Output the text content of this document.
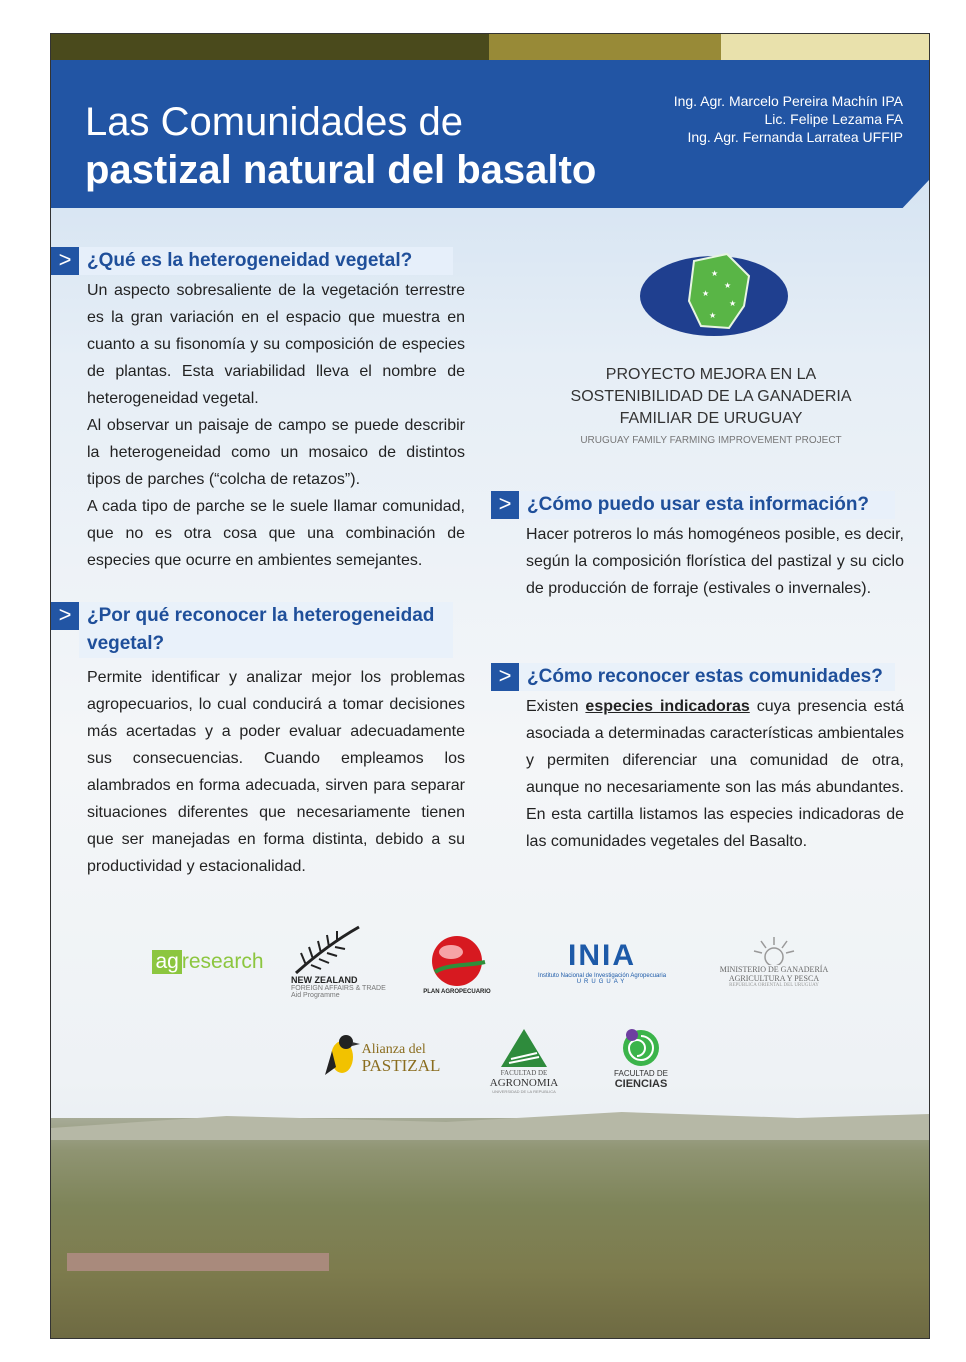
Las Comunidades de
pastizal natural del basalto
Ing. Agr. Marcelo Pereira Machín IPA
Lic. Felipe Lezama FA
Ing. Agr. Fernanda Larratea UFFIP
> ¿Qué es la heterogeneidad vegetal?

Un aspecto sobresaliente de la vegetación terrestre es la gran variación en el espacio que muestra en cuanto a su fisonomía y su composición de especies de plantas. Esta variabilidad lleva el nombre de heterogeneidad vegetal.

Al observar un paisaje de campo se puede describir la heterogeneidad como un mosaico de distintos tipos de parches (“colcha de retazos”).

A cada tipo de parche se le suele llamar comunidad, que no es otra cosa que una combinación de especies que ocurre en ambientes semejantes.

> ¿Por qué reconocer la heterogeneidad
vegetal?

Permite identificar y analizar mejor los problemas agropecuarios, lo cual conducirá a tomar decisiones más acertadas y a poder evaluar adecuadamente sus consecuencias. Cuando empleamos los alambrados en forma adecuada, sirven para separar situaciones diferentes que necesariamente tienen que ser manejadas en forma distinta, debido a su productividad y estacionalidad.

★
★
★
★
★
PROYECTO MEJORA EN LA
SOSTENIBILIDAD DE LA GANADERIA
FAMILIAR DE URUGUAY
URUGUAY FAMILY FARMING IMPROVEMENT PROJECT
> ¿Cómo puedo usar esta información?

Hacer potreros lo más homogéneos posible, es decir, según la composición florística del pastizal y su ciclo de producción de forraje (estivales o invernales).

> ¿Cómo reconocer estas comunidades?

Existen especies indicadoras cuya presencia está asociada a determinadas características ambientales y permiten diferenciar una comunidad de otra, aunque no necesariamente son las más abundantes. En esta cartilla listamos las especies indicadoras de las comunidades vegetales del Basalto.

ag research
NEW ZEALAND
FOREIGN AFFAIRS & TRADE
Aid Programme	PLAN AGROPECUARIO
INIA
Instituto Nacional de Investigación Agropecuaria
URUGUAY
MINISTERIO DE GANADERÍA
AGRICULTURA Y PESCA
REPÚBLICA ORIENTAL DEL URUGUAY
Alianza del
PASTIZAL	FACULTAD DE
AGRONOMIA
UNIVERSIDAD DE LA REPUBLICA
FACULTAD DE
CIENCIAS
